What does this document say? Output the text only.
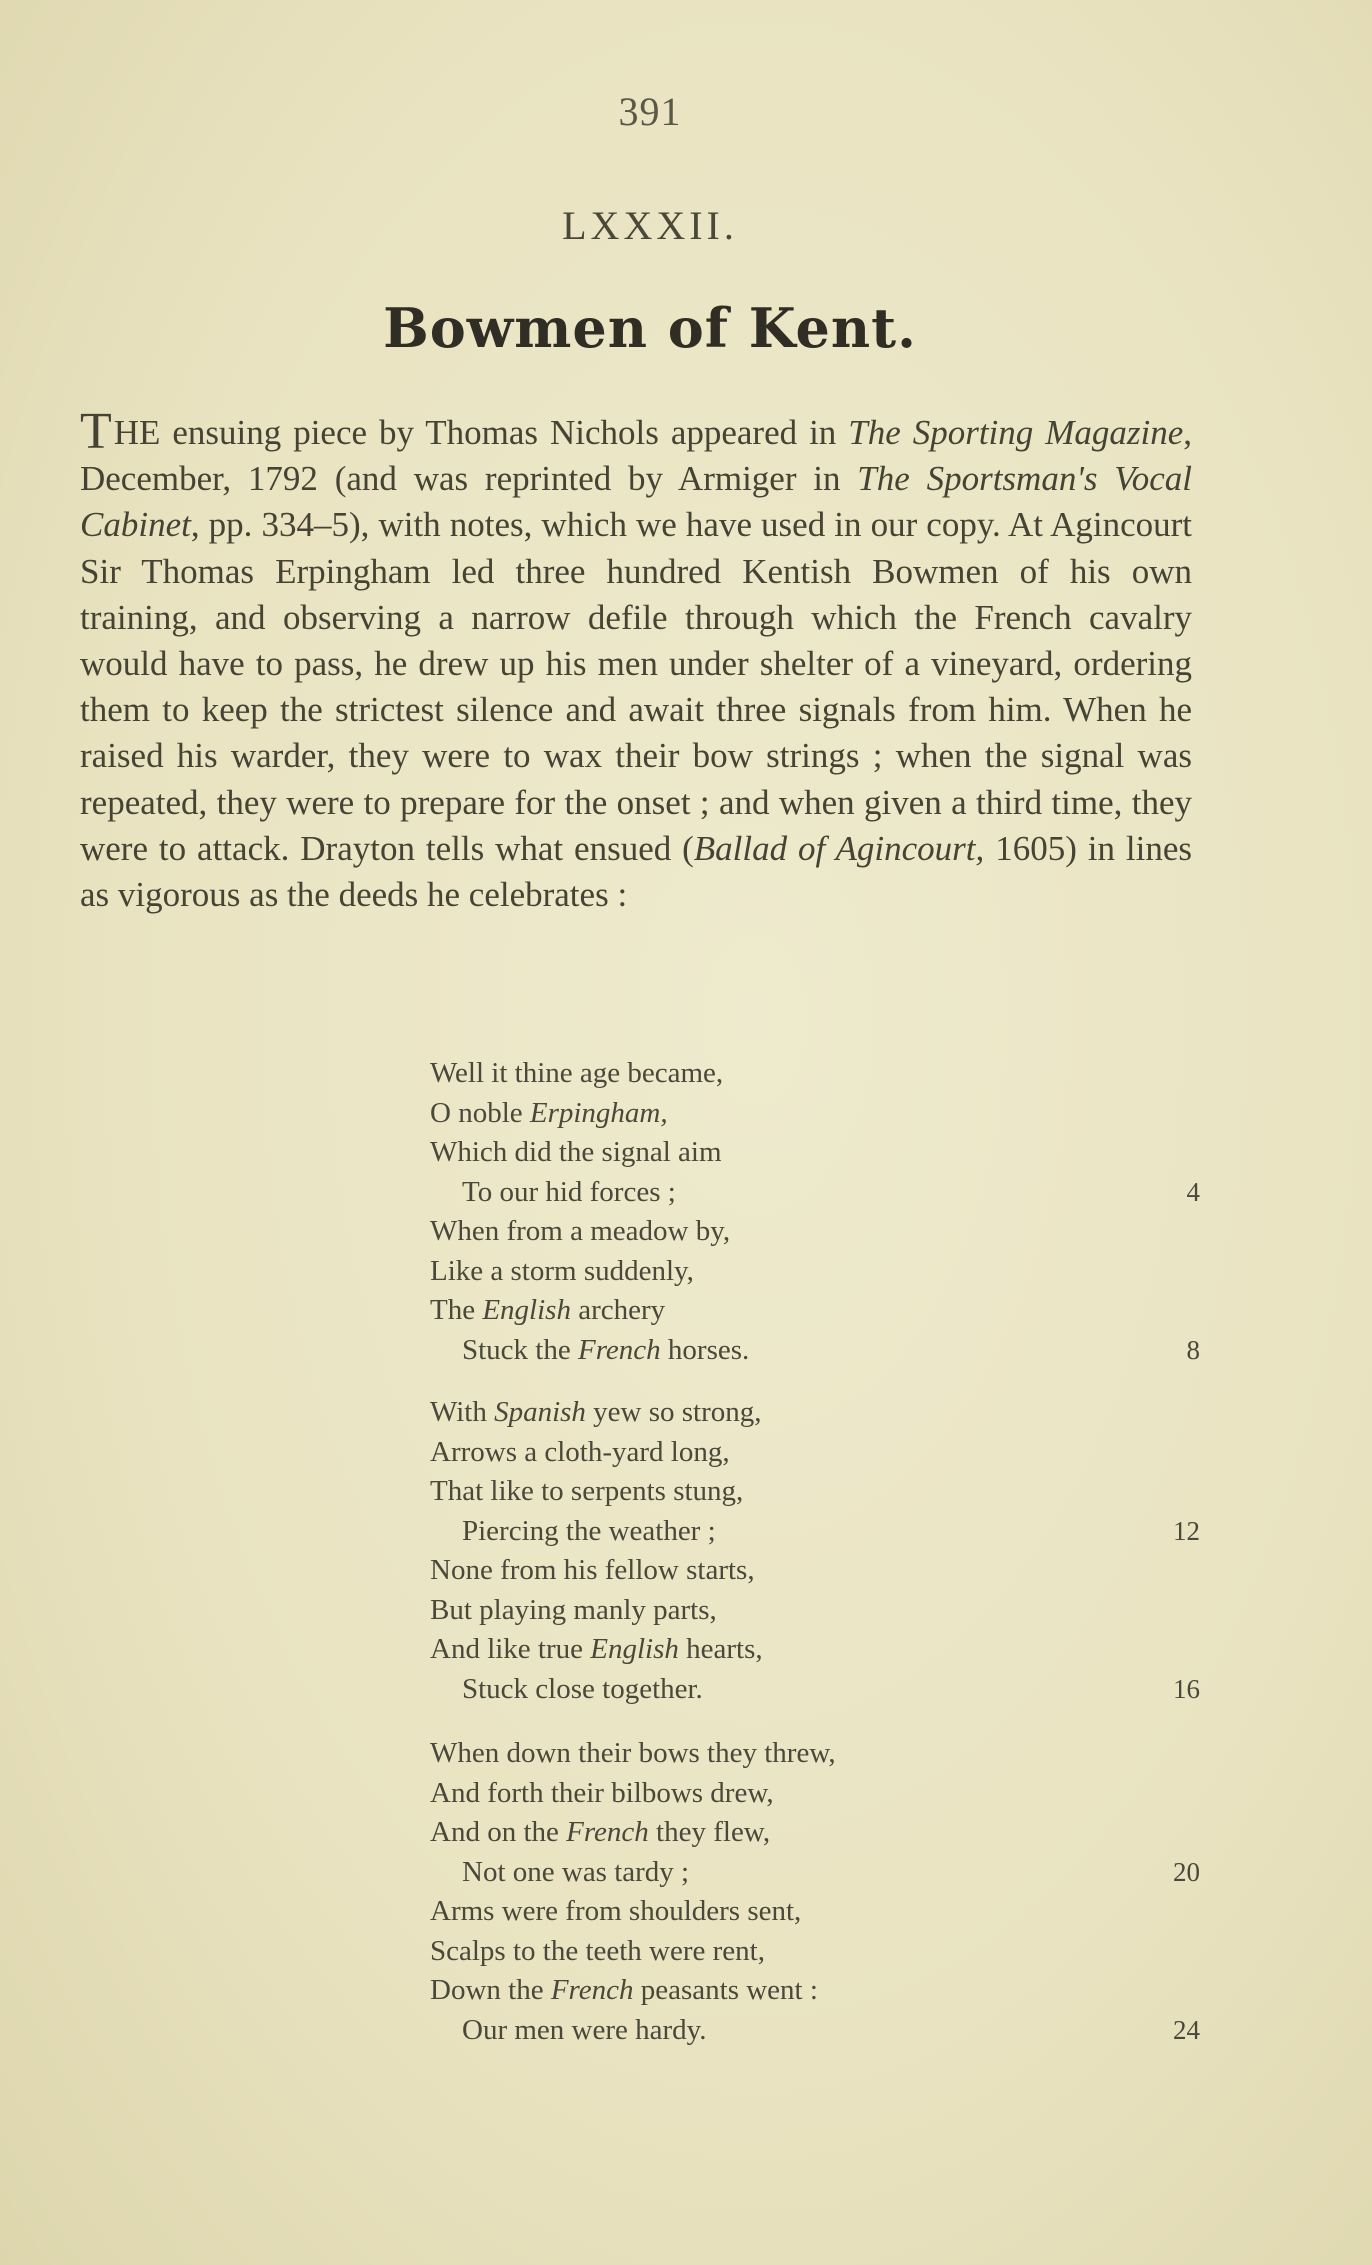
391
LXXXII.
Bowmen of Kent.

THE ensuing piece by Thomas Nichols appeared in The Sporting Magazine, December, 1792 (and was reprinted by Armiger in The Sportsman's Vocal Cabinet, pp. 334–5), with notes, which we have used in our copy. At Agincourt Sir Thomas Erpingham led three hundred Kentish Bowmen of his own training, and observing a narrow defile through which the French cavalry would have to pass, he drew up his men under shelter of a vineyard, ordering them to keep the strictest silence and await three signals from him. When he raised his warder, they were to wax their bow strings ; when the signal was repeated, they were to prepare for the onset ; and when given a third time, they were to attack. Drayton tells what ensued (Ballad of Agincourt, 1605) in lines as vigorous as the deeds he celebrates :

Well it thine age became,
O noble Erpingham,
Which did the signal aim
To our hid forces ;	4
When from a meadow by,
Like a storm suddenly,
The English archery
Stuck the French horses.	8
With Spanish yew so strong,
Arrows a cloth-yard long,
That like to serpents stung,
Piercing the weather ;	12
None from his fellow starts,
But playing manly parts,
And like true English hearts,
Stuck close together.	16
When down their bows they threw,
And forth their bilbows drew,
And on the French they flew,
Not one was tardy ;	20
Arms were from shoulders sent,
Scalps to the teeth were rent,
Down the French peasants went :
Our men were hardy.	24
